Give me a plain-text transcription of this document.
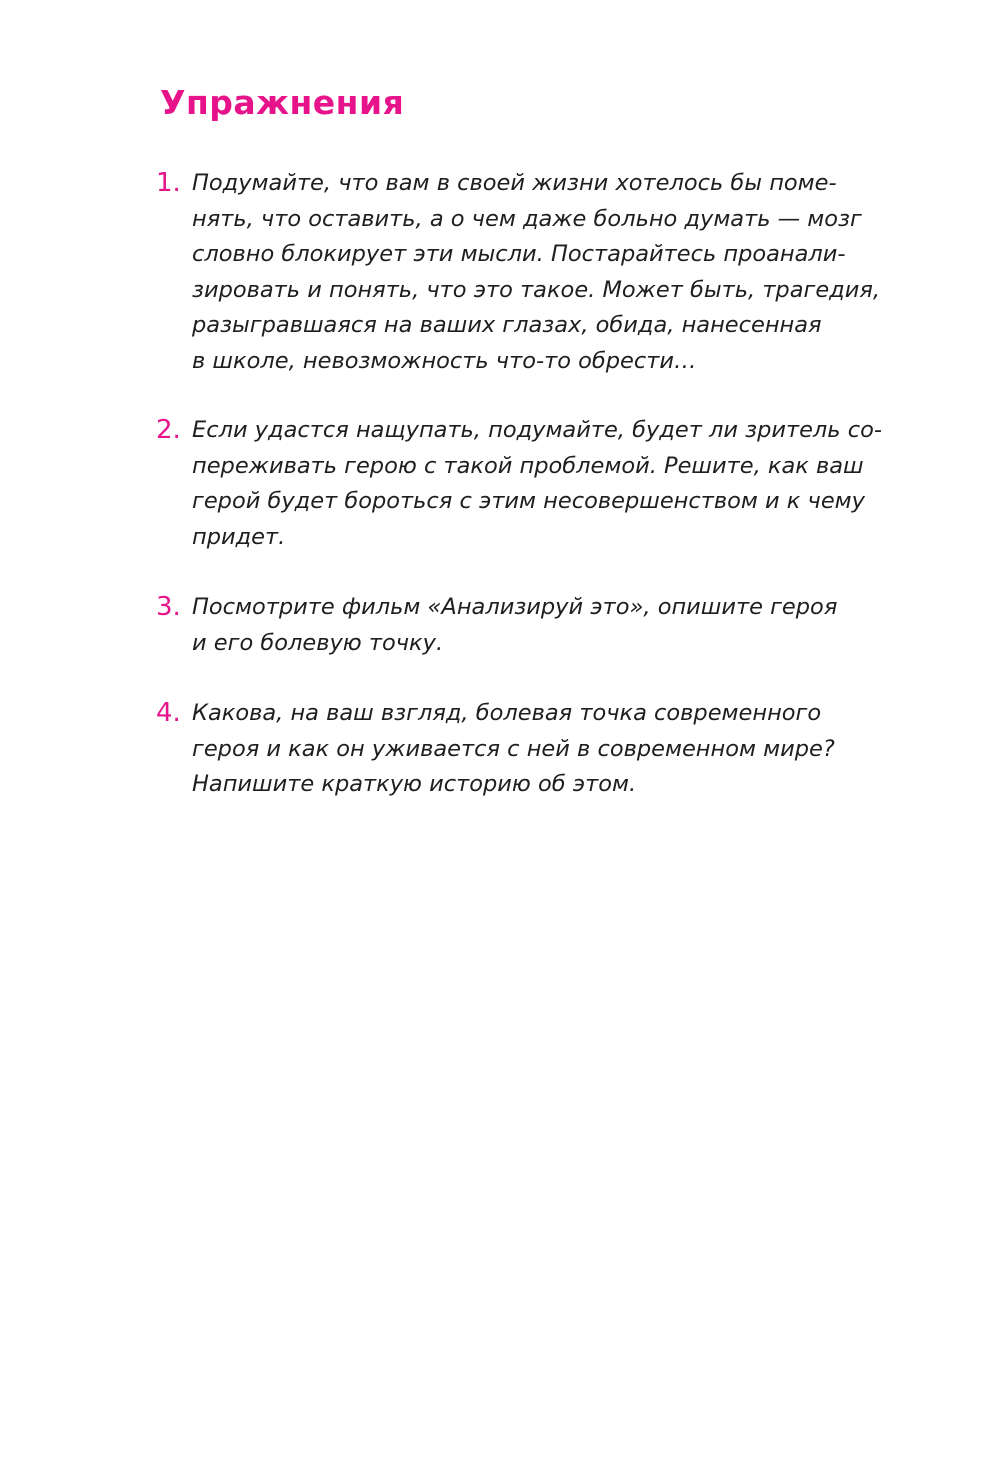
Упражнения
1. Подумайте, что вам в своей жизни хотелось бы поме-
нять, что оставить, а о чем даже больно думать — мозг
словно блокирует эти мысли. Постарайтесь проанали-
зировать и понять, что это такое. Может быть, трагедия,
разыгравшаяся на ваших глазах, обида, нанесенная
в школе, невозможность что-то обрести…

2. Если удастся нащупать, подумайте, будет ли зритель со-
переживать герою с такой проблемой. Решите, как ваш
герой будет бороться с этим несовершенством и к чему
придет.

3. Посмотрите фильм «Анализируй это», опишите героя
и его болевую точку.

4. Какова, на ваш взгляд, болевая точка современного
героя и как он уживается с ней в современном мире?
Напишите краткую историю об этом.
